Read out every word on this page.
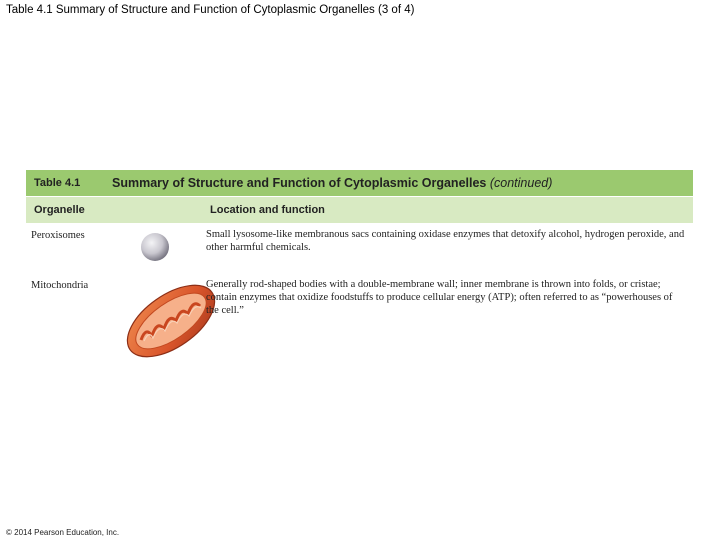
Table 4.1 Summary of Structure and Function of Cytoplasmic Organelles (3 of 4)
Table 4.1	Summary of Structure and Function of Cytoplasmic Organelles (continued)
Organelle	Location and function
Peroxisomes	Small lysosome-like membranous sacs containing oxidase enzymes that detoxify alcohol, hydrogen peroxide, and other harmful chemicals.
Mitochondria	Generally rod-shaped bodies with a double-membrane wall; inner membrane is thrown into folds, or cristae; contain enzymes that oxidize foodstuffs to produce cellular energy (ATP); often referred to as “powerhouses of the cell.”
© 2014 Pearson Education, Inc.
